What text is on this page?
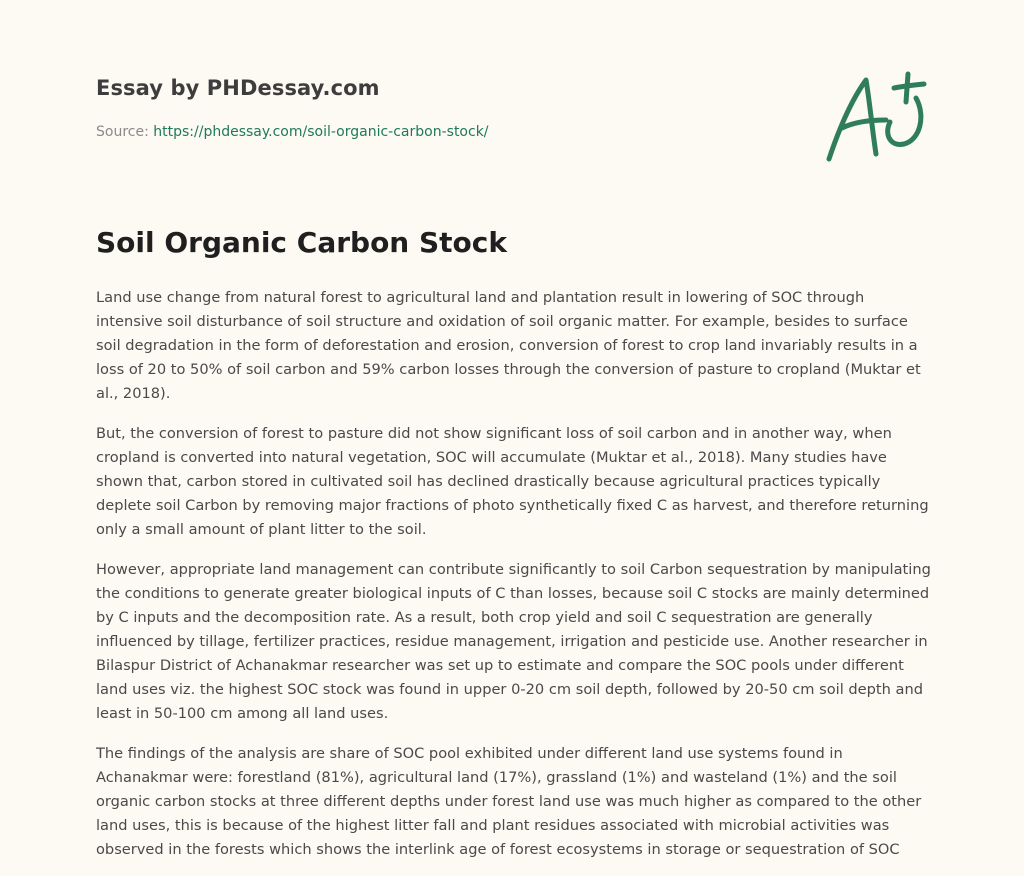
Essay by PHDessay.com

Source: https://phdessay.com/soil-organic-carbon-stock/

Soil Organic Carbon Stock

Land use change from natural forest to agricultural land and plantation result in lowering of SOC through intensive soil disturbance of soil structure and oxidation of soil organic matter. For example, besides to surface soil degradation in the form of deforestation and erosion, conversion of forest to crop land invariably results in a loss of 20 to 50% of soil carbon and 59% carbon losses through the conversion of pasture to cropland (Muktar et al., 2018).

But, the conversion of forest to pasture did not show significant loss of soil carbon and in another way, when cropland is converted into natural vegetation, SOC will accumulate (Muktar et al., 2018). Many studies have shown that, carbon stored in cultivated soil has declined drastically because agricultural practices typically deplete soil Carbon by removing major fractions of photo synthetically fixed C as harvest, and therefore returning only a small amount of plant litter to the soil.

However, appropriate land management can contribute significantly to soil Carbon sequestration by manipulating the conditions to generate greater biological inputs of C than losses, because soil C stocks are mainly determined by C inputs and the decomposition rate. As a result, both crop yield and soil C sequestration are generally influenced by tillage, fertilizer practices, residue management, irrigation and pesticide use. Another researcher in Bilaspur District of Achanakmar researcher was set up to estimate and compare the SOC pools under different land uses viz. the highest SOC stock was found in upper 0-20 cm soil depth, followed by 20-50 cm soil depth and least in 50-100 cm among all land uses.

The findings of the analysis are share of SOC pool exhibited under different land use systems found in Achanakmar were: forestland (81%), agricultural land (17%), grassland (1%) and wasteland (1%) and the soil organic carbon stocks at three different depths under forest land use was much higher as compared to the other land uses, this is because of the highest litter fall and plant residues associated with microbial activities was observed in the forests which shows the interlink age of forest ecosystems in storage or sequestration of SOC
